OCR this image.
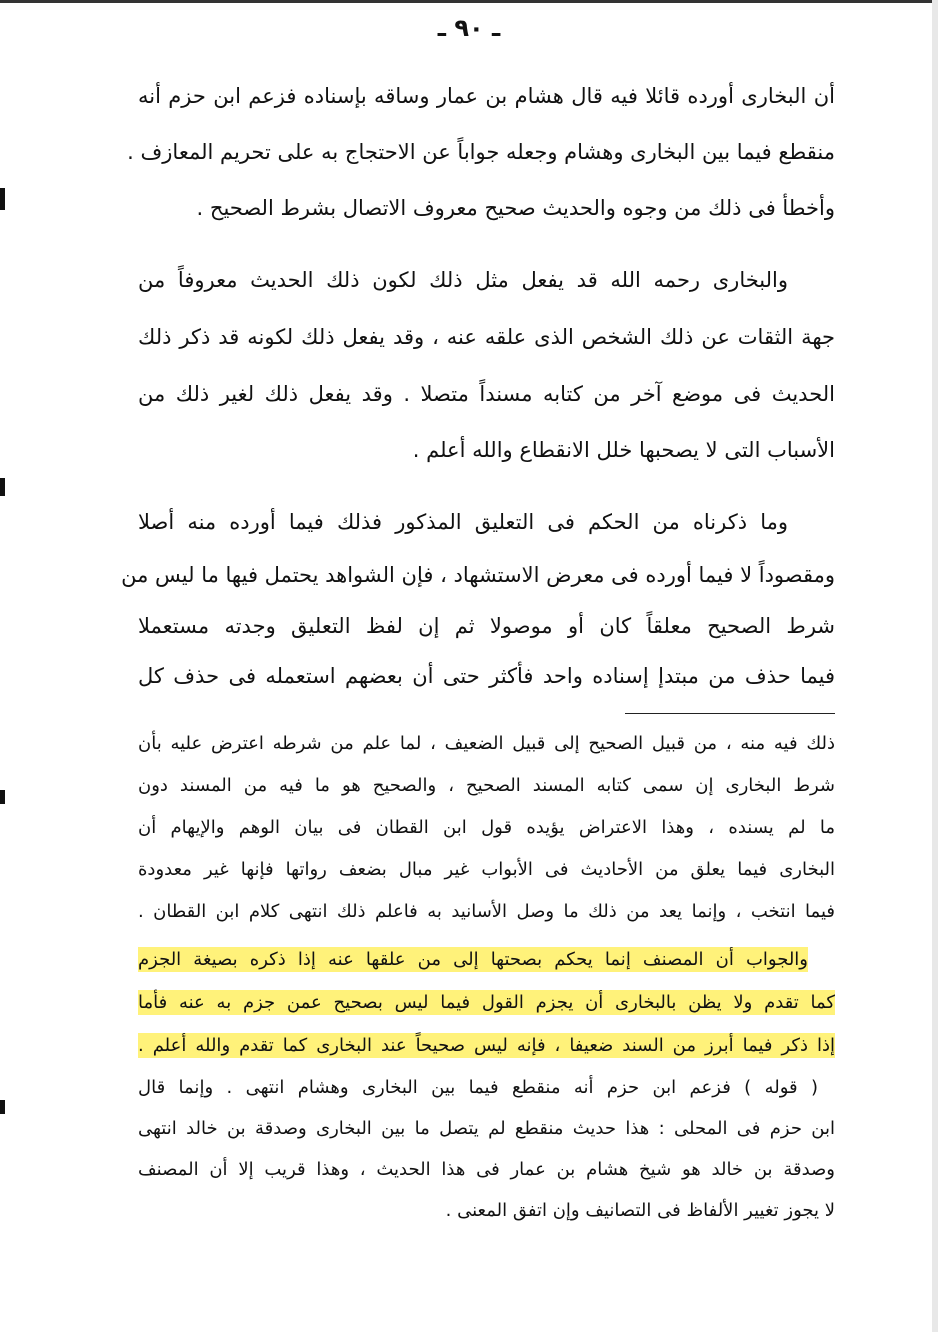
ـ ٩٠ ـ
أن البخارى أورده قائلا فيه قال هشام بن عمار وساقه بإسناده فزعم ابن حزم أنه
منقطع فيما بين البخارى وهشام وجعله جواباً عن الاحتجاج به على تحريم المعازف .
وأخطأ فى ذلك من وجوه والحديث صحيح معروف الاتصال بشرط الصحيح .
والبخارى رحمه الله قد يفعل مثل ذلك لكون ذلك الحديث معروفاً من
جهة الثقات عن ذلك الشخص الذى علقه عنه ، وقد يفعل ذلك لكونه قد ذكر ذلك
الحديث فى موضع آخر من كتابه مسنداً متصلا . وقد يفعل ذلك لغير ذلك من
الأسباب التى لا يصحبها خلل الانقطاع والله أعلم .
وما ذكرناه من الحكم فى التعليق المذكور فذلك فيما أورده منه أصلا
ومقصوداً لا فيما أورده فى معرض الاستشهاد ، فإن الشواهد يحتمل فيها ما ليس من
شرط الصحيح معلقاً كان أو موصولا ثم إن لفظ التعليق وجدته مستعملا
فيما حذف من مبتدإ إسناده واحد فأكثر حتى أن بعضهم استعمله فى حذف كل
ذلك فيه منه ، من قبيل الصحيح إلى قبيل الضعيف ، لما علم من شرطه اعترض عليه بأن
شرط البخارى إن سمى كتابه المسند الصحيح ، والصحيح هو ما فيه من المسند دون
ما لم يسنده ، وهذا الاعتراض يؤيده قول ابن القطان فى بيان الوهم والإيهام أن
البخارى فيما يعلق من الأحاديث فى الأبواب غير مبال بضعف رواتها فإنها غير معدودة
فيما انتخب ، وإنما يعد من ذلك ما وصل الأسانيد به فاعلم ذلك انتهى كلام ابن القطان .
والجواب أن المصنف إنما يحكم بصحتها إلى من علقها عنه إذا ذكره بصيغة الجزم
كما تقدم ولا يظن بالبخارى أن يجزم القول فيما ليس بصحيح عمن جزم به عنه فأما
إذا ذكر فيما أبرز من السند ضعيفا ، فإنه ليس صحيحاً عند البخارى كما تقدم والله أعلم .
( قوله ) فزعم ابن حزم أنه منقطع فيما بين البخارى وهشام انتهى . وإنما قال
ابن حزم فى المحلى : هذا حديث منقطع لم يتصل ما بين البخارى وصدقة بن خالد انتهى
وصدقة بن خالد هو شيخ هشام بن عمار فى هذا الحديث ، وهذا قريب إلا أن المصنف
لا يجوز تغيير الألفاظ فى التصانيف وإن اتفق المعنى .
